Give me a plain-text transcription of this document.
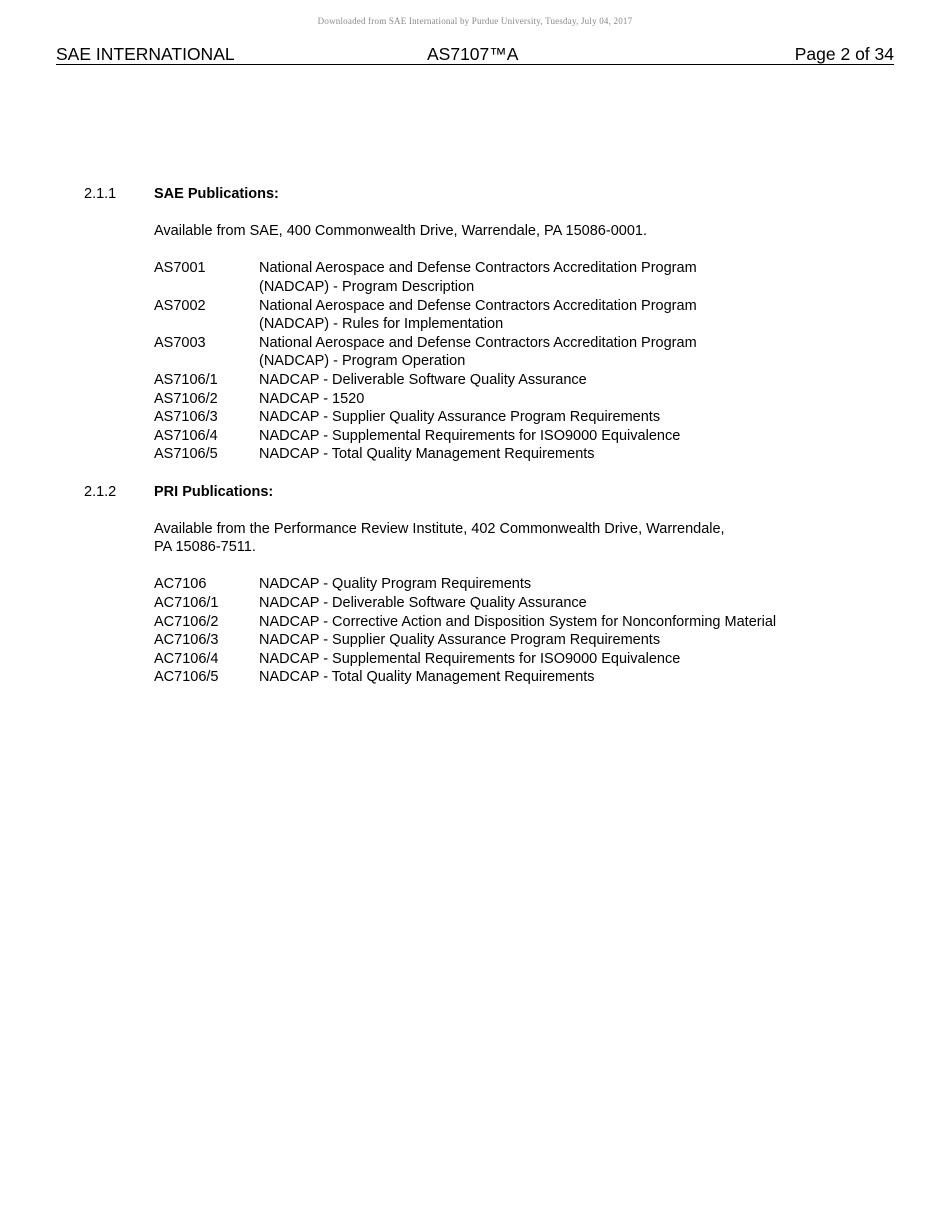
Downloaded from SAE International by Purdue University, Tuesday, July 04, 2017
SAE INTERNATIONAL	AS7107™A	Page 2 of 34
2.1.1	SAE Publications:
Available from SAE, 400 Commonwealth Drive, Warrendale, PA 15086-0001.
AS7001	National Aerospace and Defense Contractors Accreditation Program
(NADCAP) - Program Description
AS7002	National Aerospace and Defense Contractors Accreditation Program
(NADCAP) - Rules for Implementation
AS7003	National Aerospace and Defense Contractors Accreditation Program
(NADCAP) - Program Operation
AS7106/1	NADCAP - Deliverable Software Quality Assurance
AS7106/2	NADCAP - 1520
AS7106/3	NADCAP - Supplier Quality Assurance Program Requirements
AS7106/4	NADCAP - Supplemental Requirements for ISO9000 Equivalence
AS7106/5	NADCAP - Total Quality Management Requirements
2.1.2	PRI Publications:
Available from the Performance Review Institute, 402 Commonwealth Drive, Warrendale,
PA 15086-7511.
AC7106	NADCAP - Quality Program Requirements
AC7106/1	NADCAP - Deliverable Software Quality Assurance
AC7106/2	NADCAP - Corrective Action and Disposition System for Nonconforming Material
AC7106/3	NADCAP - Supplier Quality Assurance Program Requirements
AC7106/4	NADCAP - Supplemental Requirements for ISO9000 Equivalence
AC7106/5	NADCAP - Total Quality Management Requirements
